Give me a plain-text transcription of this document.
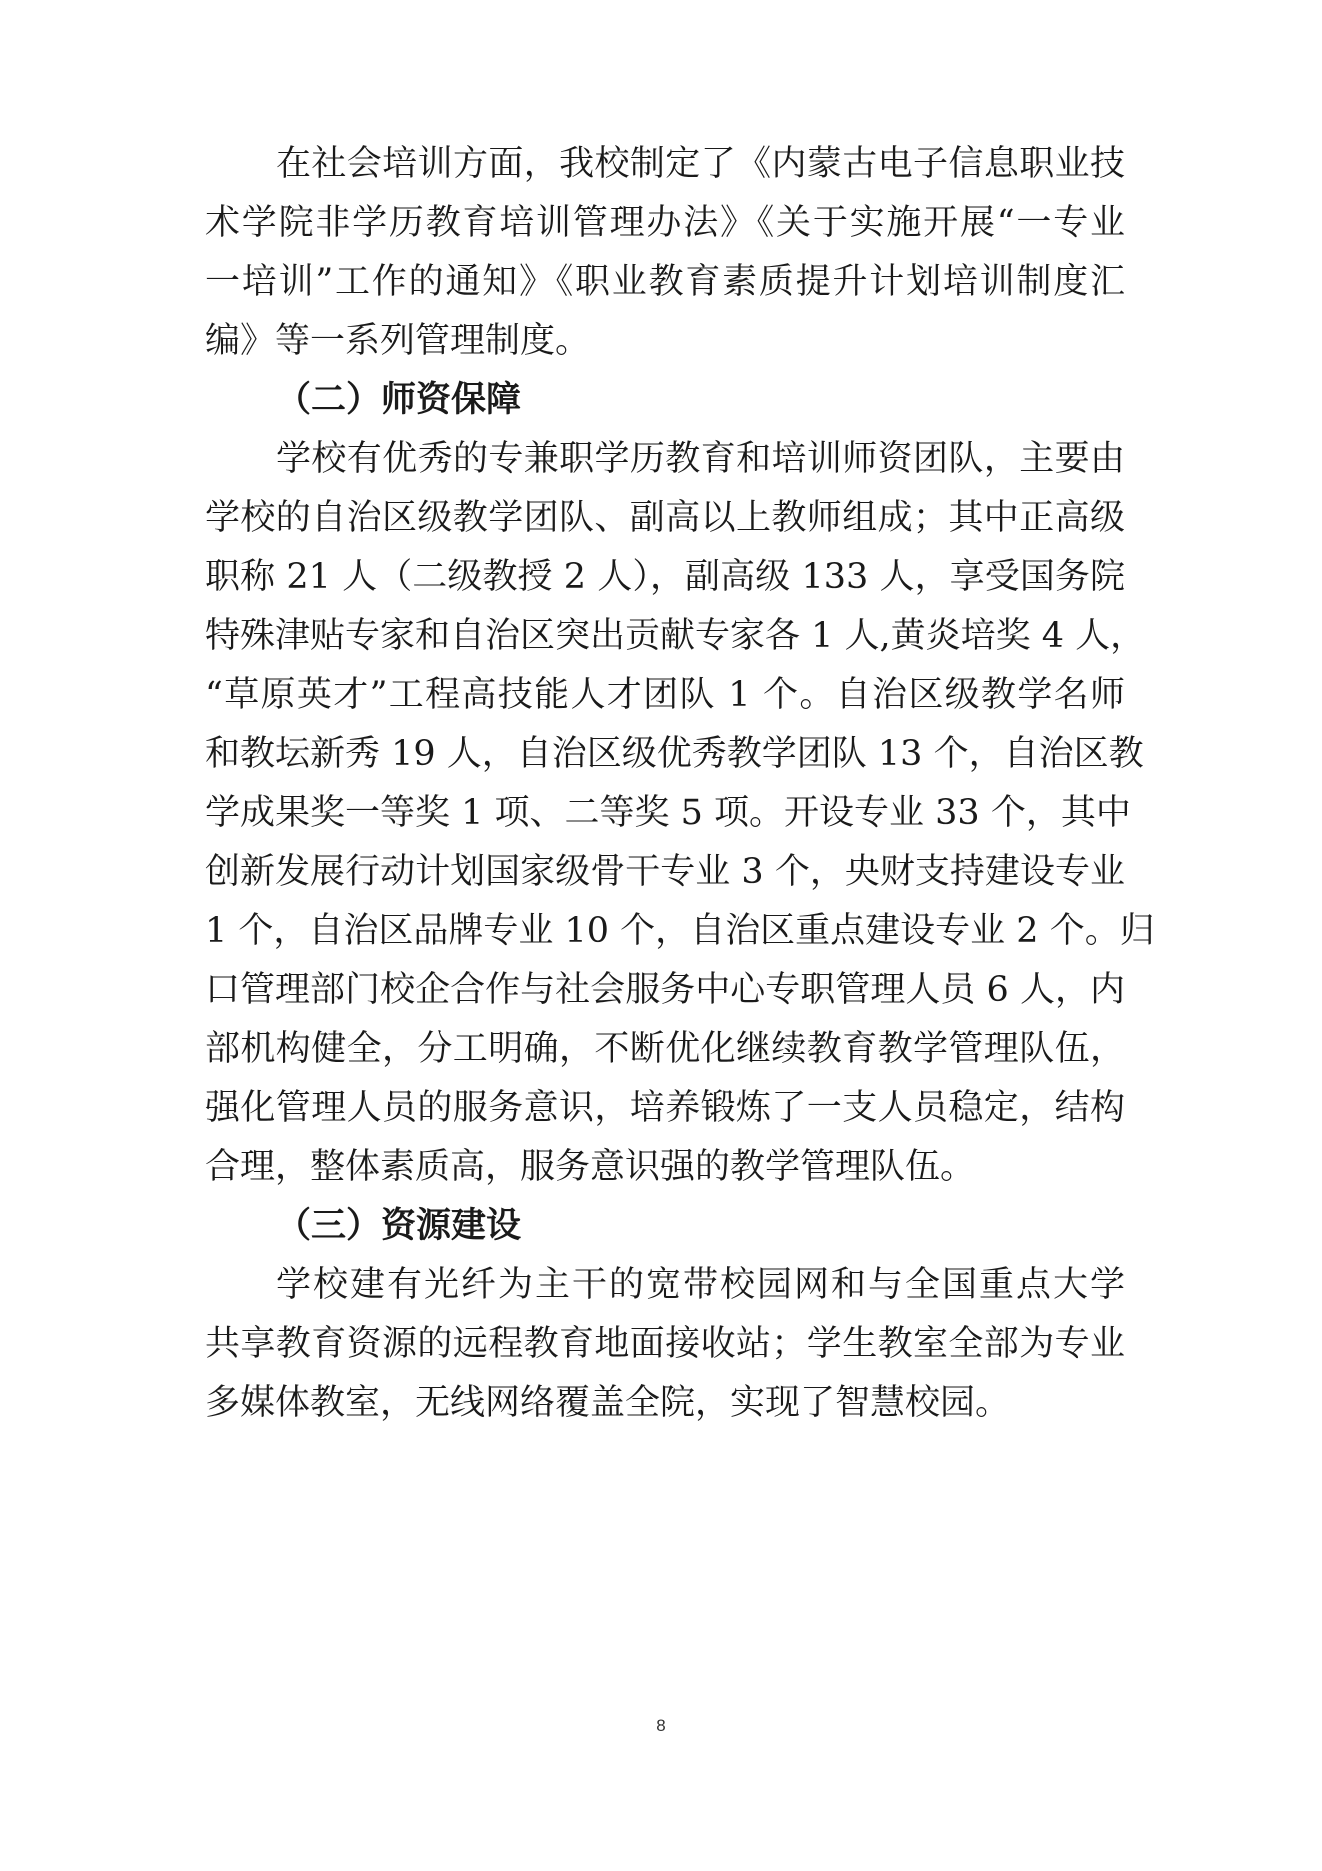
在社会培训方面，我校制定了《内蒙古电子信息职业技
术学院非学历教育培训管理办法》《关于实施开展“一专业
一培训”工作的通知》《职业教育素质提升计划培训制度汇
编》等一系列管理制度。
（二）师资保障
学校有优秀的专兼职学历教育和培训师资团队，主要由
学校的自治区级教学团队、副高以上教师组成；其中正高级
职称 21 人（二级教授 2 人），副高级 133 人，享受国务院
特殊津贴专家和自治区突出贡献专家各 1 人,黄炎培奖 4 人，
“草原英才”工程高技能人才团队 1 个。自治区级教学名师
和教坛新秀 19 人，自治区级优秀教学团队 13 个，自治区教
学成果奖一等奖 1 项、二等奖 5 项。开设专业 33 个，其中
创新发展行动计划国家级骨干专业 3 个，央财支持建设专业
1 个，自治区品牌专业 10 个，自治区重点建设专业 2 个。归
口管理部门校企合作与社会服务中心专职管理人员 6 人，内
部机构健全，分工明确，不断优化继续教育教学管理队伍，
强化管理人员的服务意识，培养锻炼了一支人员稳定，结构
合理，整体素质高，服务意识强的教学管理队伍。
（三）资源建设
学校建有光纤为主干的宽带校园网和与全国重点大学
共享教育资源的远程教育地面接收站；学生教室全部为专业
多媒体教室，无线网络覆盖全院，实现了智慧校园。
8
